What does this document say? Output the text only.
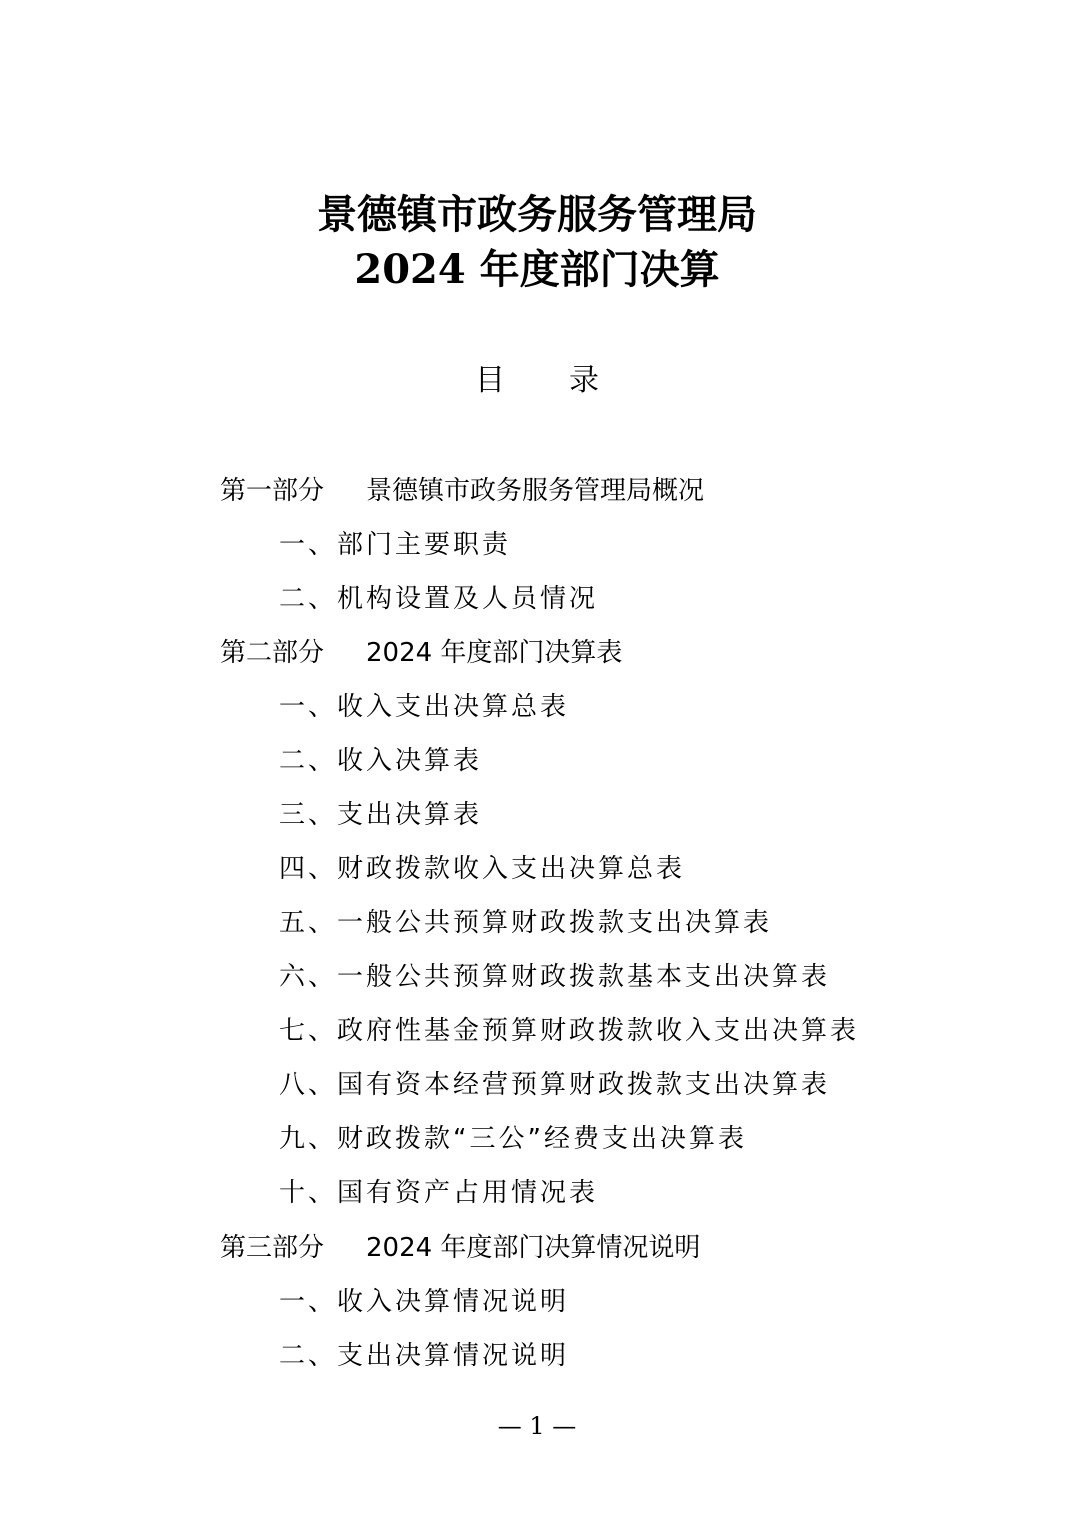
景德镇市政务服务管理局
2024 年度部门决算
目录
第一部分 景德镇市政务服务管理局概况
一、部门主要职责
二、机构设置及人员情况
第二部分 2024 年度部门决算表
一、收入支出决算总表
二、收入决算表
三、支出决算表
四、财政拨款收入支出决算总表
五、一般公共预算财政拨款支出决算表
六、一般公共预算财政拨款基本支出决算表
七、政府性基金预算财政拨款收入支出决算表
八、国有资本经营预算财政拨款支出决算表
九、财政拨款“三公”经费支出决算表
十、国有资产占用情况表
第三部分 2024 年度部门决算情况说明
一、收入决算情况说明
二、支出决算情况说明
— 1 —
